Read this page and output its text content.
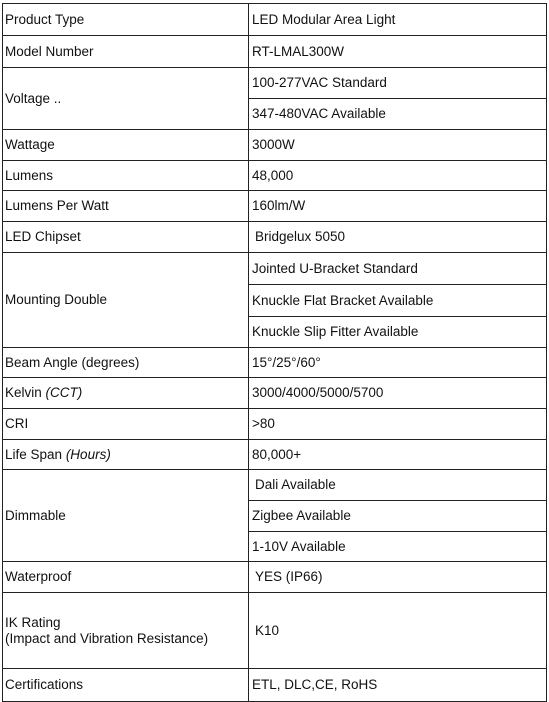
Product Type	LED Modular Area Light
Model Number	RT-LMAL300W
Voltage ..	100-277VAC Standard
	347-480VAC Available
Wattage	3000W
Lumens	48,000
Lumens Per Watt	160lm/W
LED Chipset	Bridgelux 5050
Mounting Double	Jointed U-Bracket Standard
	Knuckle Flat Bracket Available
	Knuckle Slip Fitter Available
Beam Angle (degrees)	15°/25°/60°
Kelvin (CCT)	3000/4000/5000/5700
CRI	>80
Life Span (Hours)	80,000+
Dimmable	Dali Available
	Zigbee Available
	1-10V Available
Waterproof	YES (IP66)

IK Rating
(Impact and Vibration Resistance)	K10
Certifications	ETL, DLC,CE, RoHS
